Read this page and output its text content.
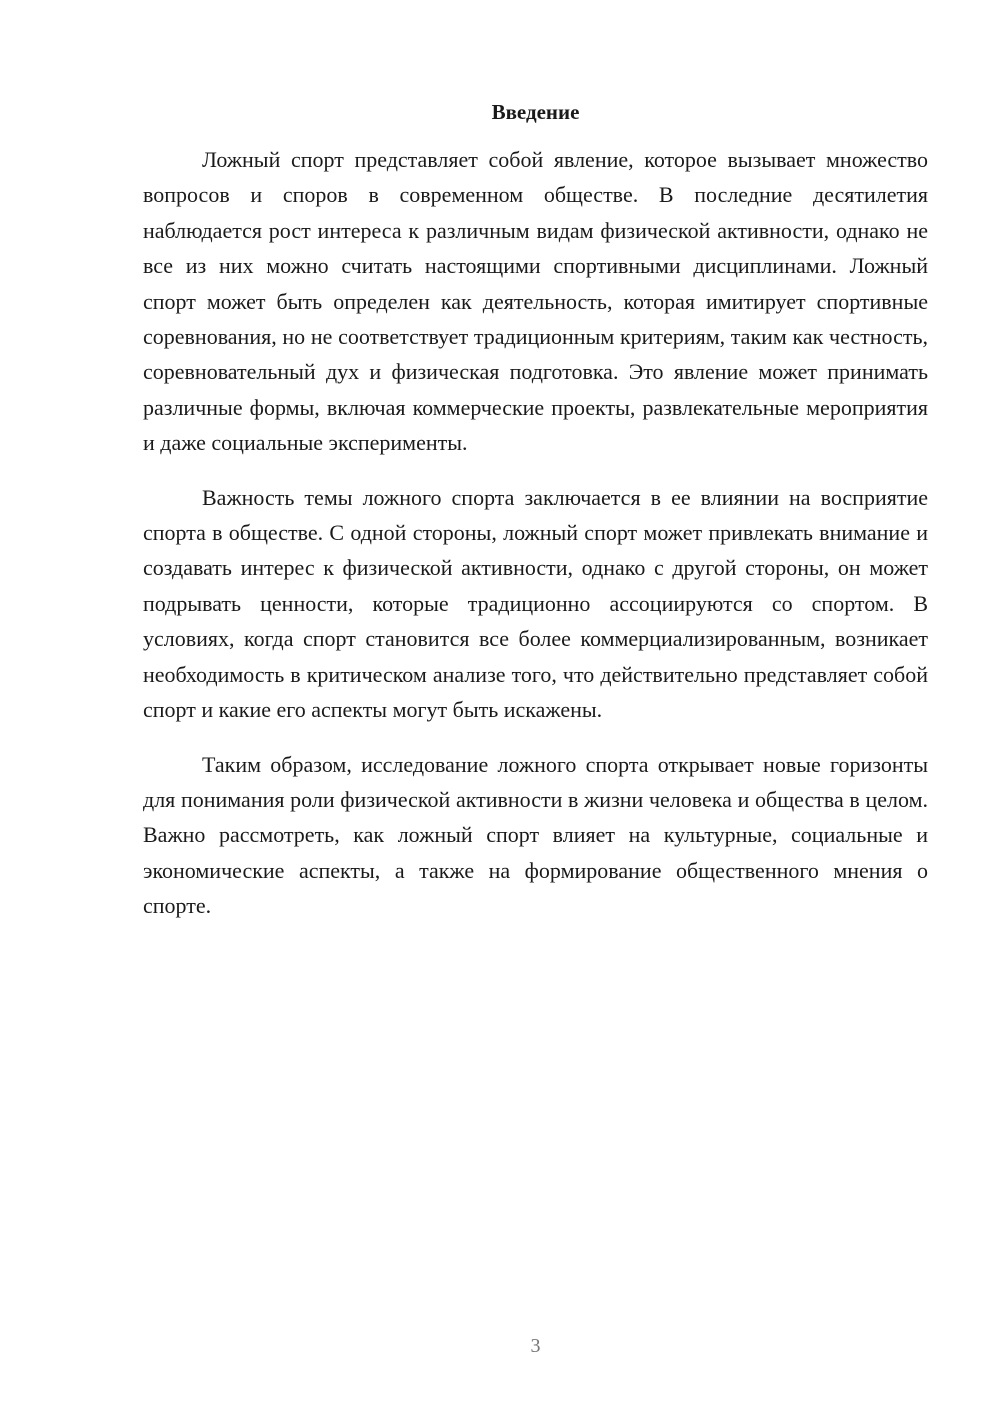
Введение

Ложный спорт представляет собой явление, которое вызывает множество вопросов и споров в современном обществе. В последние десятилетия наблюдается рост интереса к различным видам физической активности, однако не все из них можно считать настоящими спортивными дисциплинами. Ложный спорт может быть определен как деятельность, которая имитирует спортивные соревнования, но не соответствует традиционным критериям, таким как честность, соревновательный дух и физическая подготовка. Это явление может принимать различные формы, включая коммерческие проекты, развлекательные мероприятия и даже социальные эксперименты.

Важность темы ложного спорта заключается в ее влиянии на восприятие спорта в обществе. С одной стороны, ложный спорт может привлекать внимание и создавать интерес к физической активности, однако с другой стороны, он может подрывать ценности, которые традиционно ассоциируются со спортом. В условиях, когда спорт становится все более коммерциализированным, возникает необходимость в критическом анализе того, что действительно представляет собой спорт и какие его аспекты могут быть искажены.

Таким образом, исследование ложного спорта открывает новые горизонты для понимания роли физической активности в жизни человека и общества в целом. Важно рассмотреть, как ложный спорт влияет на культурные, социальные и экономические аспекты, а также на формирование общественного мнения о спорте.

3
